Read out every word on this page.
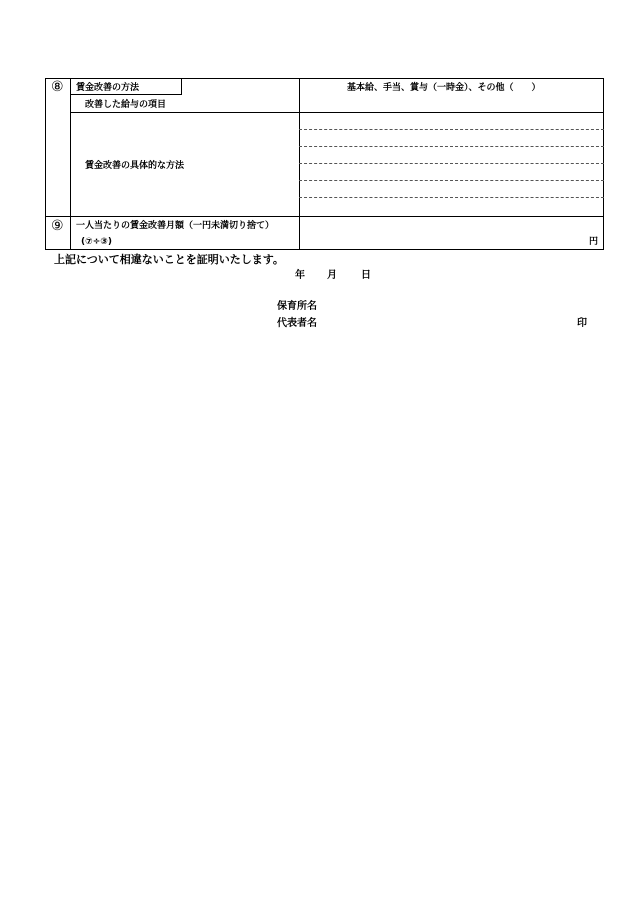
⑧ 賃金改善の方法
改善した給与の項目
基本給、手当、賞与（一時金）、その他（　　）
賃金改善の具体的な方法
⑨ 一人当たりの賃金改善月額（一円未満切り捨て）
(⑦÷③)	円
上記について相違ないことを証明いたします。
年 月 日
保育所名
代表者名	印
